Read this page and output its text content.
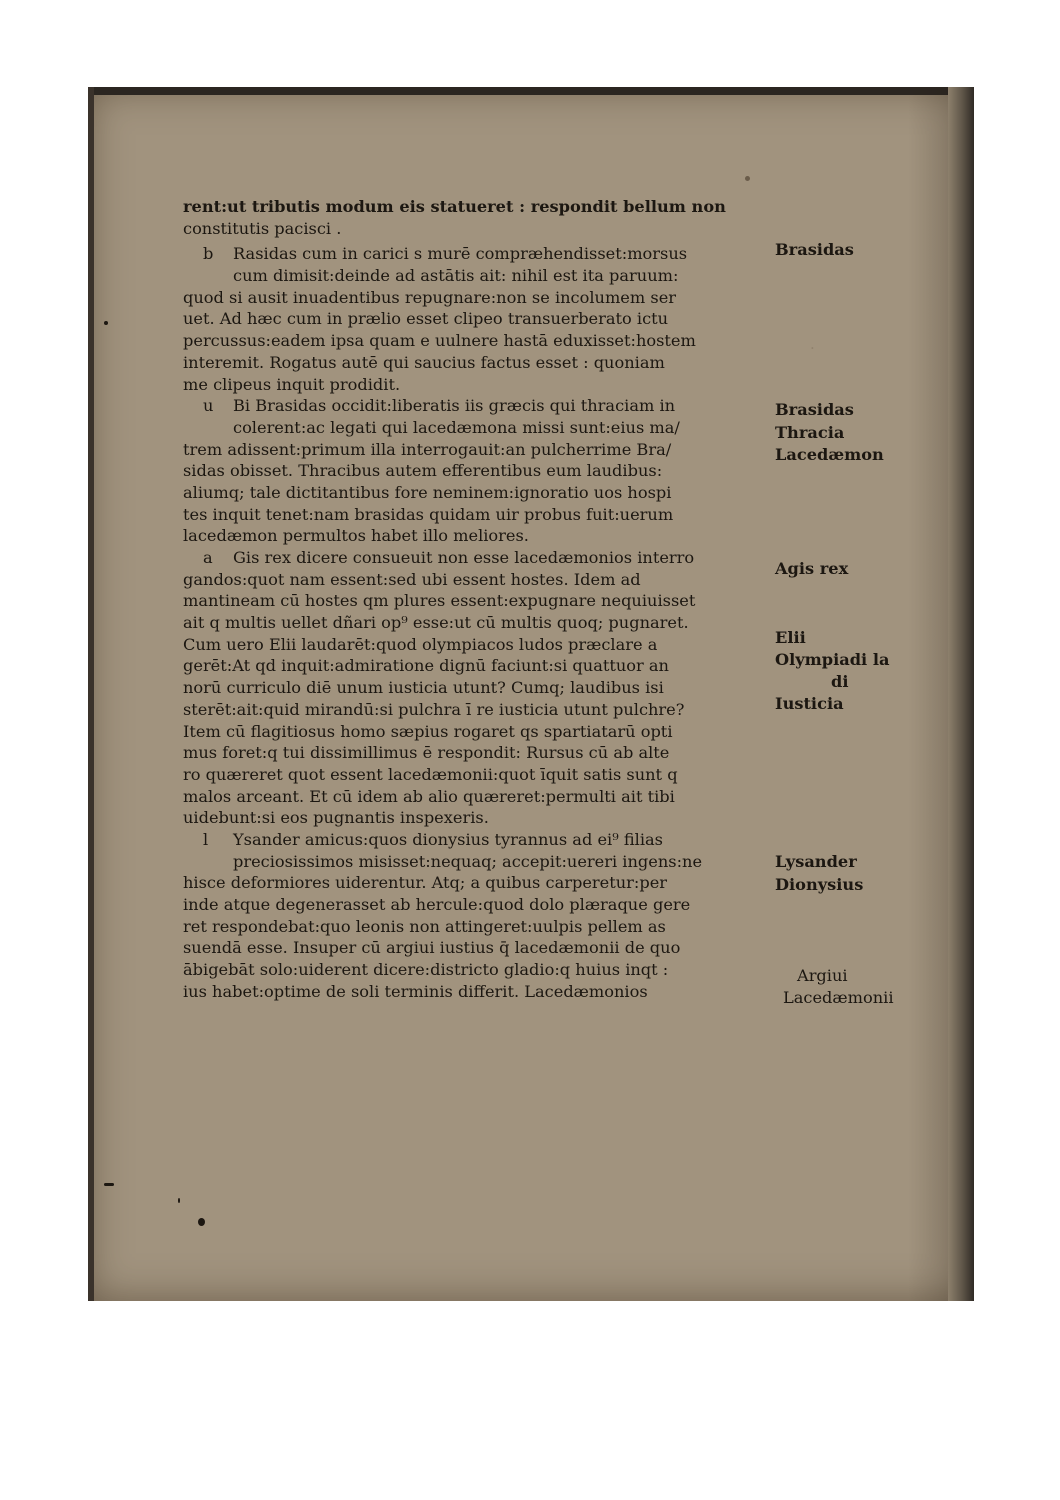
.
rent:ut tributis modum eis statueret : respondit bellum non
constitutis pacisci .
b Rasidas cum in carici s murē compræhendisset:morsus
cum dimisit:deinde ad astātis ait: nihil est ita paruum:
quod si ausit inuadentibus repugnare:non se incolumem ser
uet. Ad hæc cum in prælio esset clipeo transuerberato ictu
percussus:eadem ipsa quam e uulnere hastā eduxisset:hostem
interemit. Rogatus autē qui saucius factus esset : quoniam
me clipeus inquit prodidit.
u Bi Brasidas occidit:liberatis iis græcis qui thraciam in
colerent:ac legati qui lacedæmona missi sunt:eius ma/
trem adissent:primum illa interrogauit:an pulcherrime Bra/
sidas obisset. Thracibus autem efferentibus eum laudibus:
aliumq; tale dictitantibus fore neminem:ignoratio uos hospi
tes inquit tenet:nam brasidas quidam uir probus fuit:uerum
lacedæmon permultos habet illo meliores.
a Gis rex dicere consueuit non esse lacedæmonios interro
gandos:quot nam essent:sed ubi essent hostes. Idem ad
mantineam cū hostes qm plures essent:expugnare nequiuisset
ait q multis uellet dñari op⁹ esse:ut cū multis quoq; pugnaret.
Cum uero Elii laudarēt:quod olympiacos ludos præclare a
gerēt:At qd inquit:admiratione dignū faciunt:si quattuor an
norū curriculo diē unum iusticia utunt? Cumq; laudibus isi
sterēt:ait:quid mirandū:si pulchra ī re iusticia utunt pulchre?
Item cū flagitiosus homo sæpius rogaret qs spartiatarū opti
mus foret:q tui dissimillimus ē respondit: Rursus cū ab alte
ro quæreret quot essent lacedæmonii:quot īquit satis sunt q
malos arceant. Et cū idem ab alio quæreret:permulti ait tibi
uidebunt:si eos pugnantis inspexeris.
l Ysander amicus:quos dionysius tyrannus ad ei⁹ filias
preciosissimos misisset:nequaq; accepit:uereri ingens:ne
hisce deformiores uiderentur. Atq; a quibus carperetur:per
inde atque degenerasset ab hercule:quod dolo plæraque gere
ret respondebat:quo leonis non attingeret:uulpis pellem as
suendā esse. Insuper cū argiui iustius q̄ lacedæmonii de quo
ābigebāt solo:uiderent dicere:districto gladio:q huius inqt :
ius habet:optime de soli terminis differit. Lacedæmonios
Brasidas
Brasidas
Thracia
Lacedæmon
Agis rex
Elii
Olympiadi la
di
Iusticia
Lysander
Dionysius
Argiui
Lacedæmonii
